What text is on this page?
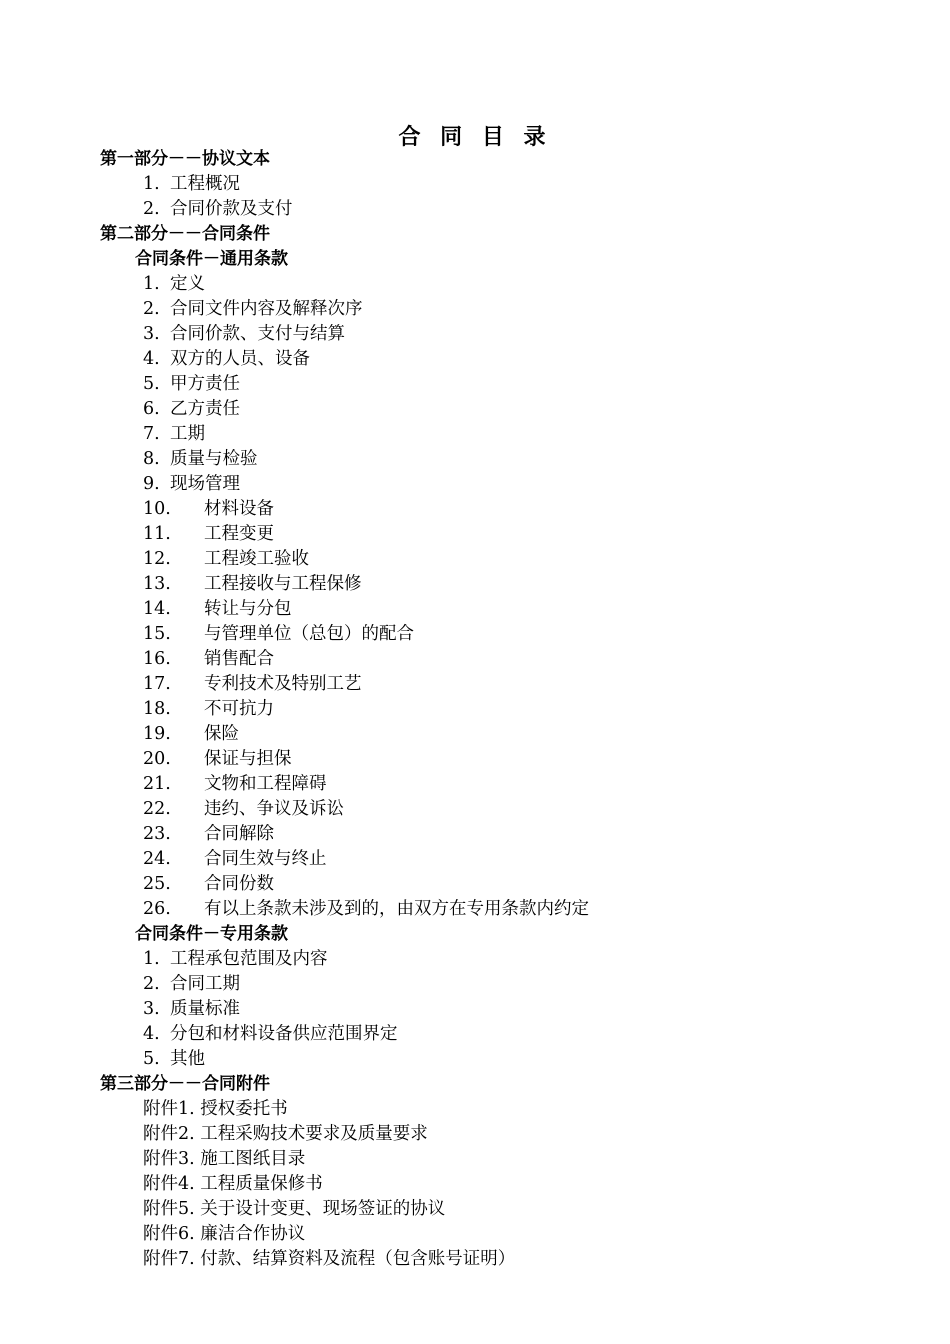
合 同 目 录
第一部分－－协议文本
1. 工程概况
2. 合同价款及支付
第二部分－－合同条件
合同条件－通用条款
1. 定义
2. 合同文件内容及解释次序
3. 合同价款、支付与结算
4. 双方的人员、设备
5. 甲方责任
6. 乙方责任
7. 工期
8. 质量与检验
9. 现场管理
10. 材料设备
11. 工程变更
12. 工程竣工验收
13. 工程接收与工程保修
14. 转让与分包
15. 与管理单位（总包）的配合
16. 销售配合
17. 专利技术及特别工艺
18. 不可抗力
19. 保险
20. 保证与担保
21. 文物和工程障碍
22. 违约、争议及诉讼
23. 合同解除
24. 合同生效与终止
25. 合同份数
26. 有以上条款未涉及到的，由双方在专用条款内约定
合同条件－专用条款
1. 工程承包范围及内容
2. 合同工期
3. 质量标准
4. 分包和材料设备供应范围界定
5. 其他
第三部分－－合同附件
附件1. 授权委托书
附件2. 工程采购技术要求及质量要求
附件3. 施工图纸目录
附件4. 工程质量保修书
附件5. 关于设计变更、现场签证的协议
附件6. 廉洁合作协议
附件7. 付款、结算资料及流程（包含账号证明）
